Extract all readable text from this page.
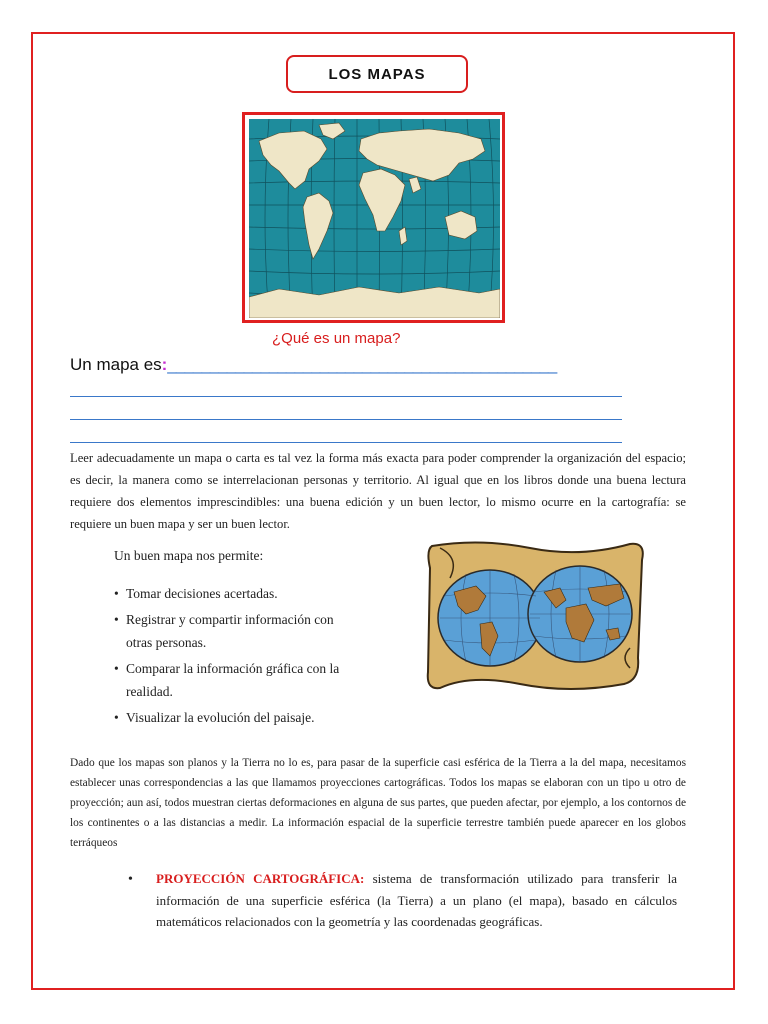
LOS MAPAS
¿Qué es un mapa?
Un mapa es:______________________________________________

Leer adecuadamente un mapa o carta es tal vez la forma más exacta para poder comprender la organización del espacio; es decir, la manera como se interrelacionan personas y territorio. Al igual que en los libros donde una buena lectura requiere dos elementos imprescindibles: una buena edición y un buen lector, lo mismo ocurre en la cartografía: se requiere un buen mapa y ser un buen lector.

Un buen mapa nos permite:
• Tomar decisiones acertadas.
• Registrar y compartir información con otras personas.
• Comparar la información gráfica con la realidad.
• Visualizar la evolución del paisaje.

Dado que los mapas son planos y la Tierra no lo es, para pasar de la superficie casi esférica de la Tierra a la del mapa, necesitamos establecer unas correspondencias a las que llamamos proyecciones cartográficas. Todos los mapas se elaboran con un tipo u otro de proyección; aun así, todos muestran ciertas deformaciones en alguna de sus partes, que pueden afectar, por ejemplo, a los contornos de los continentes o a las distancias a medir. La información espacial de la superficie terrestre también puede aparecer en los globos terráqueos

• PROYECCIÓN CARTOGRÁFICA: sistema de transformación utilizado para transferir la información de una superficie esférica (la Tierra) a un plano (el mapa), basado en cálculos matemáticos relacionados con la geometría y las coordenadas geográficas.
